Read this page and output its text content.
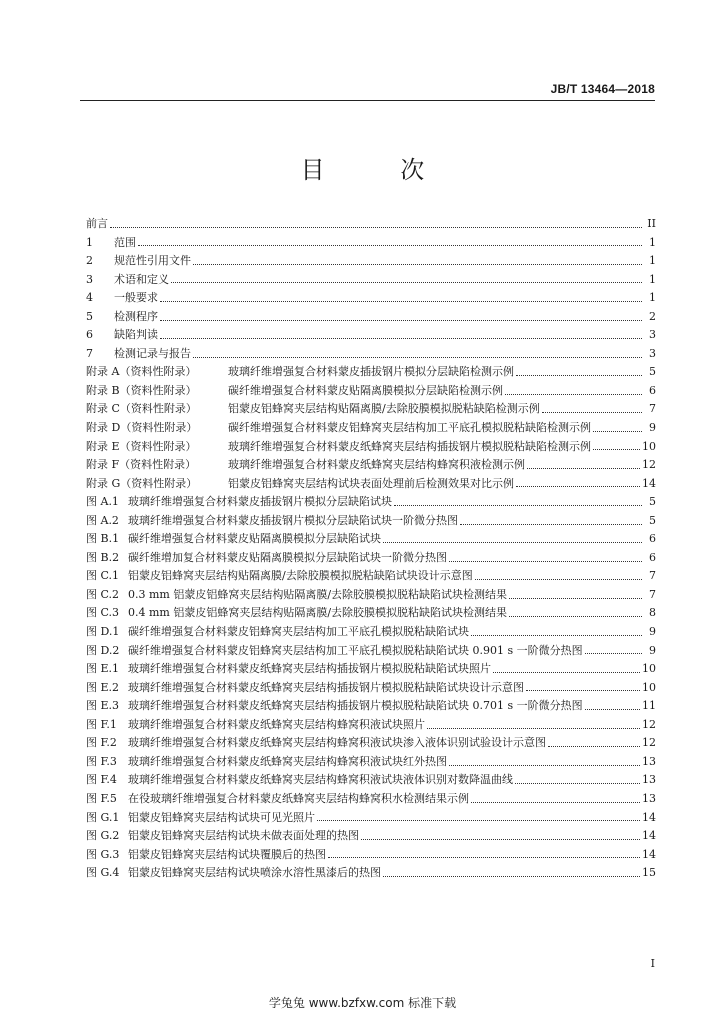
JB/T 13464—2018
目 次
前言	II
1	范围	1
2	规范性引用文件	1
3	术语和定义	1
4	一般要求	1
5	检测程序	2
6	缺陷判读	3
7	检测记录与报告	3
附录 A（资料性附录）	玻璃纤维增强复合材料蒙皮插拔钢片模拟分层缺陷检测示例	5
附录 B（资料性附录）	碳纤维增强复合材料蒙皮贴隔离膜模拟分层缺陷检测示例	6
附录 C（资料性附录）	铝蒙皮铝蜂窝夹层结构贴隔离膜/去除胶膜模拟脱粘缺陷检测示例	7
附录 D（资料性附录）	碳纤维增强复合材料蒙皮铝蜂窝夹层结构加工平底孔模拟脱粘缺陷检测示例	9
附录 E（资料性附录）	玻璃纤维增强复合材料蒙皮纸蜂窝夹层结构插拔钢片模拟脱粘缺陷检测示例	10
附录 F（资料性附录）	玻璃纤维增强复合材料蒙皮纸蜂窝夹层结构蜂窝积液检测示例	12
附录 G（资料性附录）	铝蒙皮铝蜂窝夹层结构试块表面处理前后检测效果对比示例	14
图 A.1 玻璃纤维增强复合材料蒙皮插拔钢片模拟分层缺陷试块	5
图 A.2 玻璃纤维增强复合材料蒙皮插拔钢片模拟分层缺陷试块一阶微分热图	5
图 B.1 碳纤维增强复合材料蒙皮贴隔离膜模拟分层缺陷试块	6
图 B.2 碳纤维增加复合材料蒙皮贴隔离膜模拟分层缺陷试块一阶微分热图	6
图 C.1 铝蒙皮铝蜂窝夹层结构贴隔离膜/去除胶膜模拟脱粘缺陷试块设计示意图	7
图 C.2 0.3 mm 铝蒙皮铝蜂窝夹层结构贴隔离膜/去除胶膜模拟脱粘缺陷试块检测结果	7
图 C.3 0.4 mm 铝蒙皮铝蜂窝夹层结构贴隔离膜/去除胶膜模拟脱粘缺陷试块检测结果	8
图 D.1 碳纤维增强复合材料蒙皮铝蜂窝夹层结构加工平底孔模拟脱粘缺陷试块	9
图 D.2 碳纤维增强复合材料蒙皮铝蜂窝夹层结构加工平底孔模拟脱粘缺陷试块 0.901 s 一阶微分热图	9
图 E.1 玻璃纤维增强复合材料蒙皮纸蜂窝夹层结构插拔钢片模拟脱粘缺陷试块照片	10
图 E.2 玻璃纤维增强复合材料蒙皮纸蜂窝夹层结构插拔钢片模拟脱粘缺陷试块设计示意图	10
图 E.3 玻璃纤维增强复合材料蒙皮纸蜂窝夹层结构插拔钢片模拟脱粘缺陷试块 0.701 s 一阶微分热图	11
图 F.1	玻璃纤维增强复合材料蒙皮纸蜂窝夹层结构蜂窝积液试块照片	12
图 F.2	玻璃纤维增强复合材料蒙皮纸蜂窝夹层结构蜂窝积液试块渗入液体识别试验设计示意图	12
图 F.3	玻璃纤维增强复合材料蒙皮纸蜂窝夹层结构蜂窝积液试块红外热图	13
图 F.4	玻璃纤维增强复合材料蒙皮纸蜂窝夹层结构蜂窝积液试块液体识别对数降温曲线	13
图 F.5	在役玻璃纤维增强复合材料蒙皮纸蜂窝夹层结构蜂窝积水检测结果示例	13
图 G.1 铝蒙皮铝蜂窝夹层结构试块可见光照片	14
图 G.2 铝蒙皮铝蜂窝夹层结构试块未做表面处理的热图	14
图 G.3 铝蒙皮铝蜂窝夹层结构试块覆膜后的热图	14
图 G.4 铝蒙皮铝蜂窝夹层结构试块喷涂水溶性黑漆后的热图	15
I
学兔兔 www.bzfxw.com 标准下载
